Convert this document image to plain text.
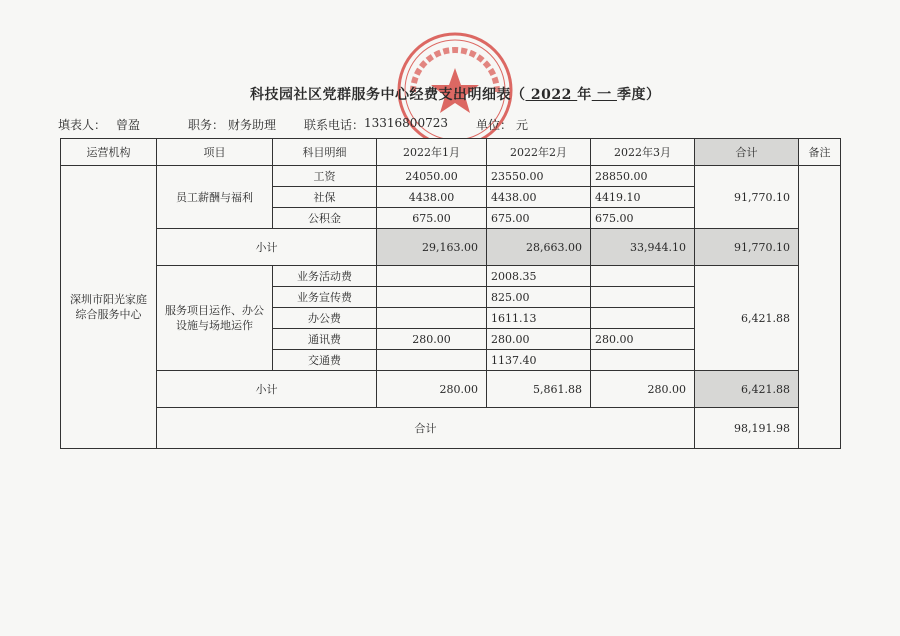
科技园社区党群服务中心经费支出明细表（ 2022 年 一 季度）
填表人： 曾盈	职务： 财务助理 联系电话： 13316800723 单位： 元
运营机构	项目	科目明细	2022年1月	2022年2月	2022年3月	合计	备注
深圳市阳光家庭综合服务中心	员工薪酬与福利	工资	24050.00	23550.00	28850.00	91,770.10	
		社保	4438.00	4438.00	4419.10		
		公积金	675.00	675.00	675.00		
	小计		29,163.00	28,663.00	33,944.10	91,770.10	
	服务项目运作、办公设施与场地运作	业务活动费		2008.35		6,421.88	
		业务宣传费		825.00			
		办公费		1611.13			
		通讯费	280.00	280.00	280.00		
		交通费		1137.40			
	小计		280.00	5,861.88	280.00	6,421.88	
	合计					98,191.98	
